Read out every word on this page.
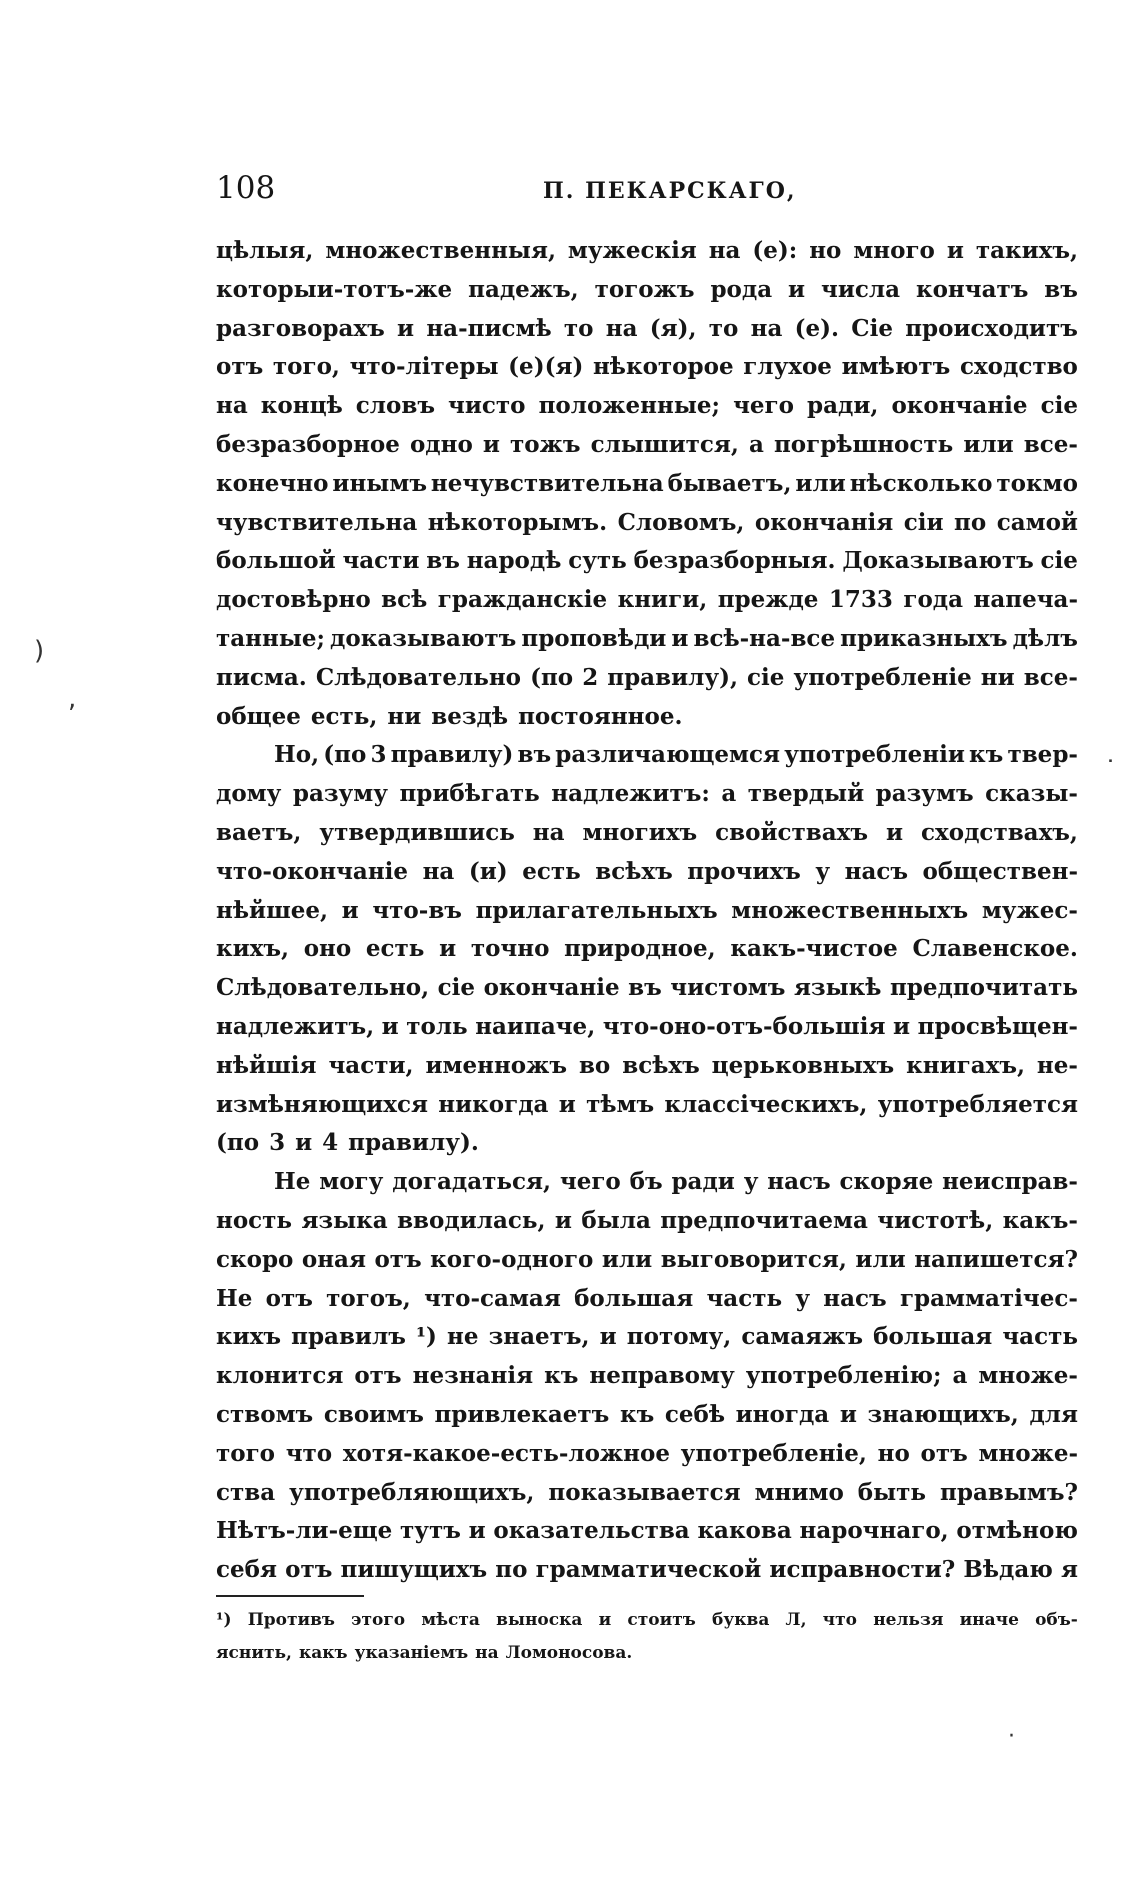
108	П. ПЕКАРСКАГО,
цѣлыя, множественныя, мужескія на (е): но много и такихъ,
которыи-тотъ-же падежъ, тогожъ рода и числа кончатъ въ
разговорахъ и на-писмѣ то на (я), то на (е). Сіе происходитъ
отъ того, что-літеры (е)(я) нѣкоторое глухое имѣютъ сходство
на концѣ словъ чисто положенные; чего ради, окончаніе сіе
безразборное одно и тожъ слышится, а погрѣшность или все-
конечно инымъ нечувствительна бываетъ, или нѣсколько токмо
чувствительна нѣкоторымъ. Словомъ, окончанія сіи по самой
большой части въ народѣ суть безразборныя. Доказываютъ сіе
достовѣрно всѣ гражданскіе книги, прежде 1733 года напеча-
танные; доказываютъ проповѣди и всѣ-на-все приказныхъ дѣлъ
писма. Слѣдовательно (по 2 правилу), сіе употребленіе ни все-
общее есть, ни вездѣ постоянное.
Но, (по 3 правилу) въ различающемся употребленіи къ твер-
дому разуму прибѣгать надлежитъ: а твердый разумъ сказы-
ваетъ, утвердившись на многихъ свойствахъ и сходствахъ,
что-окончаніе на (и) есть всѣхъ прочихъ у насъ обществен-
нѣйшее, и что-въ прилагательныхъ множественныхъ мужес-
кихъ, оно есть и точно природное, какъ-чистое Славенское.
Слѣдовательно, сіе окончаніе въ чистомъ языкѣ предпочитать
надлежитъ, и толь наипаче, что-оно-отъ-большія и просвѣщен-
нѣйшія части, именножъ во всѣхъ церьковныхъ книгахъ, не-
измѣняющихся никогда и тѣмъ классіческихъ, употребляется
(по 3 и 4 правилу).
Не могу догадаться, чего бъ ради у насъ скоряе неисправ-
ность языка вводилась, и была предпочитаема чистотѣ, какъ-
скоро оная отъ кого-одного или выговорится, или напишется?
Не отъ тогоъ, что-самая большая часть у насъ грамматічес-
кихъ правилъ ¹) не знаетъ, и потому, самаяжъ большая часть
клонится отъ незнанія къ неправому употребленію; а множе-
ствомъ своимъ привлекаетъ къ себѣ иногда и знающихъ, для
того что хотя-какое-есть-ложное употребленіе, но отъ множе-
ства употребляющихъ, показывается мнимо быть правымъ?
Нѣтъ-ли-еще тутъ и оказательства какова нарочнаго, отмѣною
себя отъ пишущихъ по грамматической исправности? Вѣдаю я
¹) Противъ этого мѣста выноска и стоитъ буква Л, что нельзя иначе объ-
яснить, какъ указаніемъ на Ломоносова.
)
,
˙
·
